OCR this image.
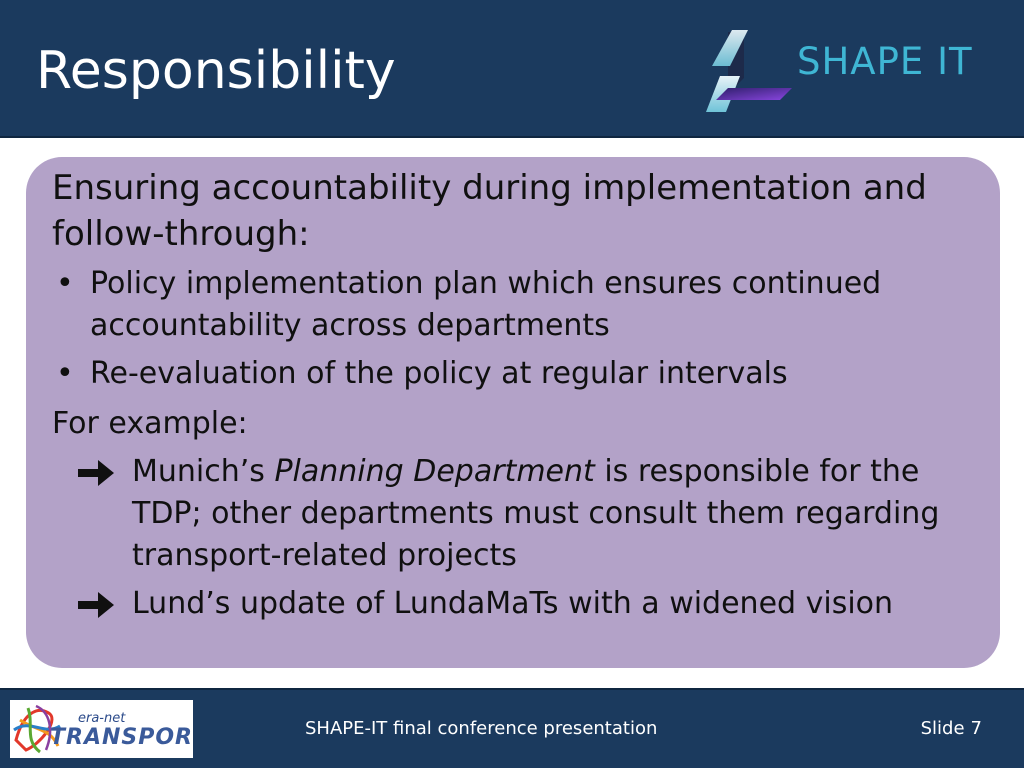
Responsibility	SHAPE IT

Ensuring accountability during implementation and follow-through:

• Policy implementation plan which ensures continued accountability across departments
• Re-evaluation of the policy at regular intervals
For example:
Munich’s Planning Department is responsible for the TDP; other departments must consult them regarding transport-related projects
Lund’s update of LundaMaTs with a widened vision
era-net
TRANSPORT	SHAPE-IT final conference presentation	Slide 7
